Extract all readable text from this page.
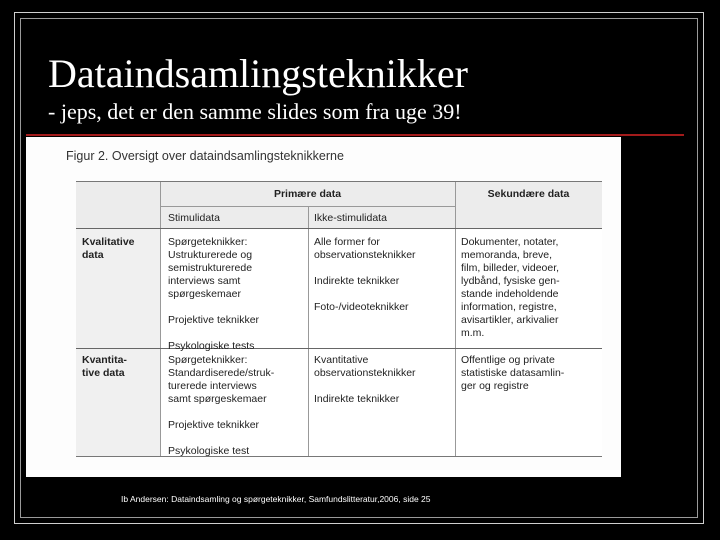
Dataindsamlingsteknikker
- jeps, det er den samme slides som fra uge 39!
Figur 2. Oversigt over dataindsamlingsteknikkerne
Primære data	Sekundære data
Stimulidata	Ikke-stimulidata
Kvalitative
data
Spørgeteknikker:
Ustrukturerede og
semistrukturerede
interviews samt
spørgeskemaer
Projektive teknikker
Psykologiske tests
Alle former for
observationsteknikker
Indirekte teknikker
Foto-/videoteknikker
Dokumenter, notater,
memoranda, breve,
film, billeder, videoer,
lydbånd, fysiske gen-
stande indeholdende
information, registre,
avisartikler, arkivalier
m.m.
Kvantita-
tive data
Spørgeteknikker:
Standardiserede/struk-
turerede interviews
samt spørgeskemaer
Projektive teknikker
Psykologiske test
Kvantitative
observationsteknikker
Indirekte teknikker
Offentlige og private
statistiske datasamlin-
ger og registre
Ib Andersen: Dataindsamling og spørgeteknikker, Samfundslitteratur,2006, side 25
